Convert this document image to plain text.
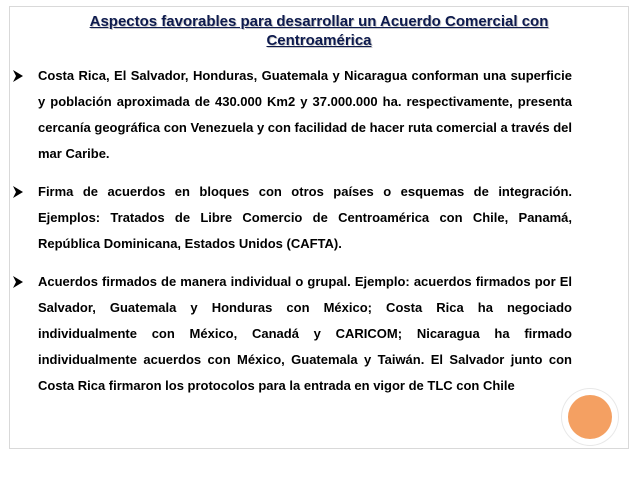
Aspectos favorables para desarrollar un Acuerdo Comercial con
Centroamérica
Costa Rica, El Salvador, Honduras, Guatemala y Nicaragua conforman una superficie y población aproximada de 430.000 Km2 y 37.000.000 ha. respectivamente, presenta cercanía geográfica con Venezuela y con facilidad de hacer ruta comercial a través del mar Caribe.
Firma de acuerdos en bloques con otros países o esquemas de integración. Ejemplos: Tratados de Libre Comercio de Centroamérica con Chile, Panamá, República Dominicana, Estados Unidos (CAFTA).
Acuerdos firmados de manera individual o grupal. Ejemplo: acuerdos firmados por El Salvador, Guatemala y Honduras con México; Costa Rica ha negociado individualmente con México, Canadá y CARICOM; Nicaragua ha firmado individualmente acuerdos con México, Guatemala y Taiwán. El Salvador junto con Costa Rica firmaron los protocolos para la entrada en vigor de TLC con Chile
